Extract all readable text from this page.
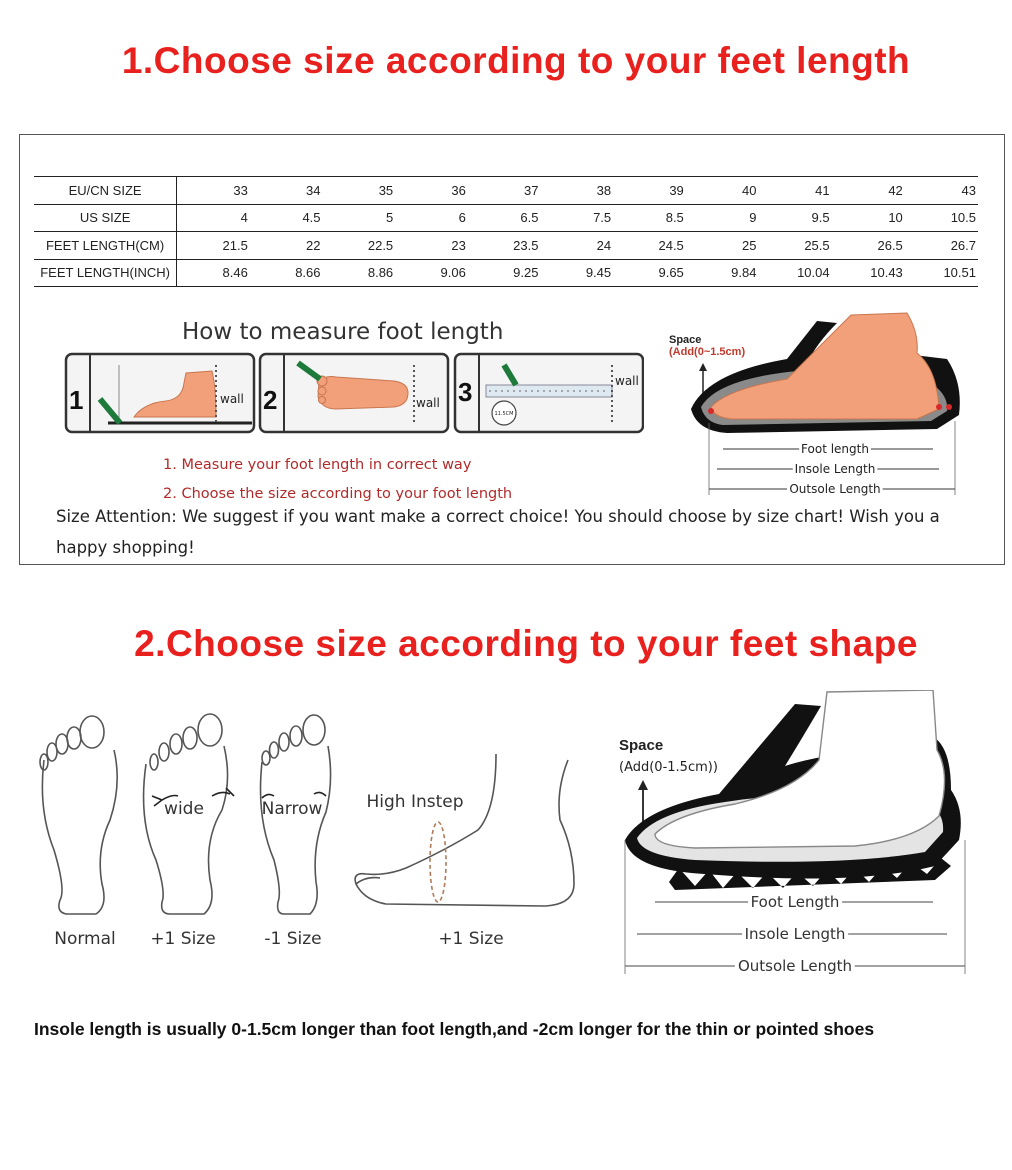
1.Choose size according to your feet length
EU/CN SIZE	33	34	35	36	37	38	39	40	41	42	43
US SIZE	4	4.5	5	6	6.5	7.5	8.5	9	9.5	10	10.5
FEET LENGTH(CM)	21.5	22	22.5	23	23.5	24	24.5	25	25.5	26.5	26.7
FEET LENGTH(INCH)	8.46	8.66	8.86	9.06	9.25	9.45	9.65	9.84	10.04	10.43	10.51
How to measure foot length
1	wall 2	wall 3	wall
11.5CM
1. Measure your foot length in correct way
2. Choose the size according to your foot length
Space
(Add(0~1.5cm)
Foot length
Insole Length
Outsole Length
Size Attention: We suggest if you want make a correct choice! You should choose by size chart! Wish you a happy shopping!
2.Choose size according to your feet shape
wide	Narrow	High Instep
Normal	+1 Size	-1 Size	+1 Size
Space
(Add(0-1.5cm))
Foot Length
Insole Length
Outsole Length
Insole length is usually 0-1.5cm longer than foot length,and -2cm longer for the thin or pointed shoes
